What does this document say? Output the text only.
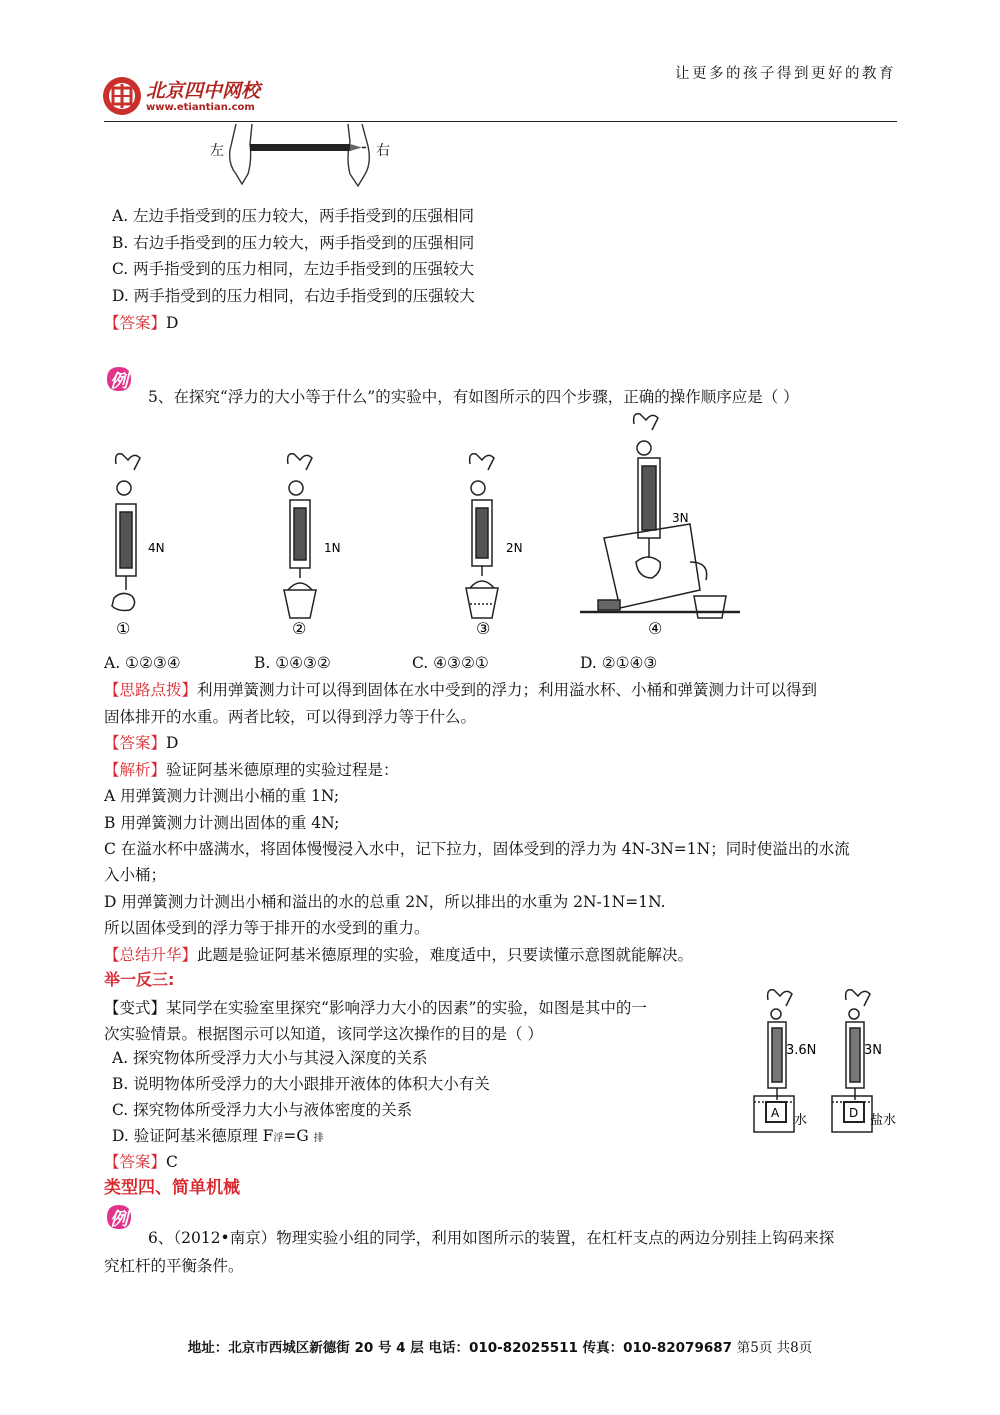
北京四中网校
www.etiantian.com
让更多的孩子得到更好的教育
左	右
A. 左边手指受到的压力较大，两手指受到的压强相同
B. 右边手指受到的压力较大，两手指受到的压强相同
C. 两手指受到的压力相同，左边手指受到的压强较大
D. 两手指受到的压力相同，右边手指受到的压强较大
【答案】D
例
5、在探究“浮力的大小等于什么”的实验中，有如图所示的四个步骤，正确的操作顺序应是（ ）
4N	1N	2N
3N
①	②	③	④
A. ①②③④	B. ①④③②	C. ④③②①	D. ②①④③
【思路点拨】利用弹簧测力计可以得到固体在水中受到的浮力；利用溢水杯、小桶和弹簧测力计可以得到
固体排开的水重。两者比较，可以得到浮力等于什么。
【答案】D
【解析】验证阿基米德原理的实验过程是：
A 用弹簧测力计测出小桶的重 1N;
B 用弹簧测力计测出固体的重 4N;
C 在溢水杯中盛满水，将固体慢慢浸入水中，记下拉力，固体受到的浮力为 4N-3N=1N；同时使溢出的水流
入小桶；
D 用弹簧测力计测出小桶和溢出的水的总重 2N，所以排出的水重为 2N-1N=1N.
所以固体受到的浮力等于排开的水受到的重力。
【总结升华】此题是验证阿基米德原理的实验，难度适中，只要读懂示意图就能解决。
举一反三:
【变式】某同学在实验室里探究“影响浮力大小的因素”的实验，如图是其中的一
次实验情景。根据图示可以知道，该同学这次操作的目的是（ ）
A. 探究物体所受浮力大小与其浸入深度的关系
B. 说明物体所受浮力的大小跟排开液体的体积大小有关
C. 探究物体所受浮力大小与液体密度的关系
D. 验证阿基米德原理 F浮=G 排
【答案】C
3.6N	3N
A	D
水	盐水
类型四、简单机械
例
6、（2012•南京）物理实验小组的同学，利用如图所示的装置，在杠杆支点的两边分别挂上钩码来探
究杠杆的平衡条件。
地址：北京市西城区新德街 20 号 4 层 电话：010-82025511 传真：010-82079687 第5页 共8页
